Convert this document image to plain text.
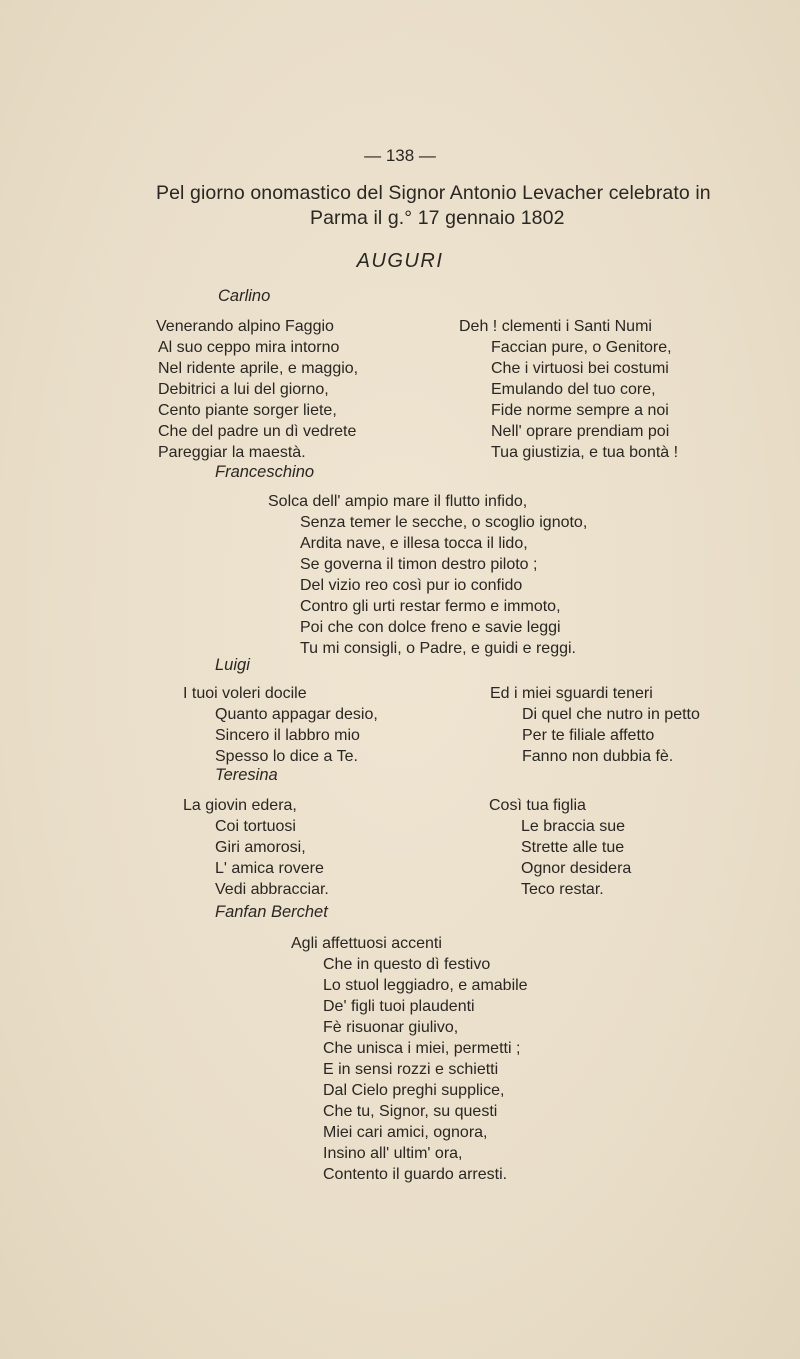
— 138 —
Pel giorno onomastico del Signor Antonio Levacher celebrato in
Parma il g.° 17 gennaio 1802
AUGURI
Carlino
Venerando alpino Faggio
Al suo ceppo mira intorno
Nel ridente aprile, e maggio,
Debitrici a lui del giorno,
Cento piante sorger liete,
Che del padre un dì vedrete
Pareggiar la maestà.
Deh ! clementi i Santi Numi
Faccian pure, o Genitore,
Che i virtuosi bei costumi
Emulando del tuo core,
Fide norme sempre a noi
Nell' oprare prendiam poi
Tua giustizia, e tua bontà !
Franceschino
Solca dell' ampio mare il flutto infido,
Senza temer le secche, o scoglio ignoto,
Ardita nave, e illesa tocca il lido,
Se governa il timon destro piloto ;
Del vizio reo così pur io confido
Contro gli urti restar fermo e immoto,
Poi che con dolce freno e savie leggi
Tu mi consigli, o Padre, e guidi e reggi.
Luigi
I tuoi voleri docile
Quanto appagar desio,
Sincero il labbro mio
Spesso lo dice a Te.
Ed i miei sguardi teneri
Di quel che nutro in petto
Per te filiale affetto
Fanno non dubbia fè.
Teresina
La giovin edera,
Coi tortuosi
Giri amorosi,
L' amica rovere
Vedi abbracciar.
Così tua figlia
Le braccia sue
Strette alle tue
Ognor desidera
Teco restar.
Fanfan Berchet
Agli affettuosi accenti
Che in questo dì festivo
Lo stuol leggiadro, e amabile
De' figli tuoi plaudenti
Fè risuonar giulivo,
Che unisca i miei, permetti ;
E in sensi rozzi e schietti
Dal Cielo preghi supplice,
Che tu, Signor, su questi
Miei cari amici, ognora,
Insino all' ultim' ora,
Contento il guardo arresti.
